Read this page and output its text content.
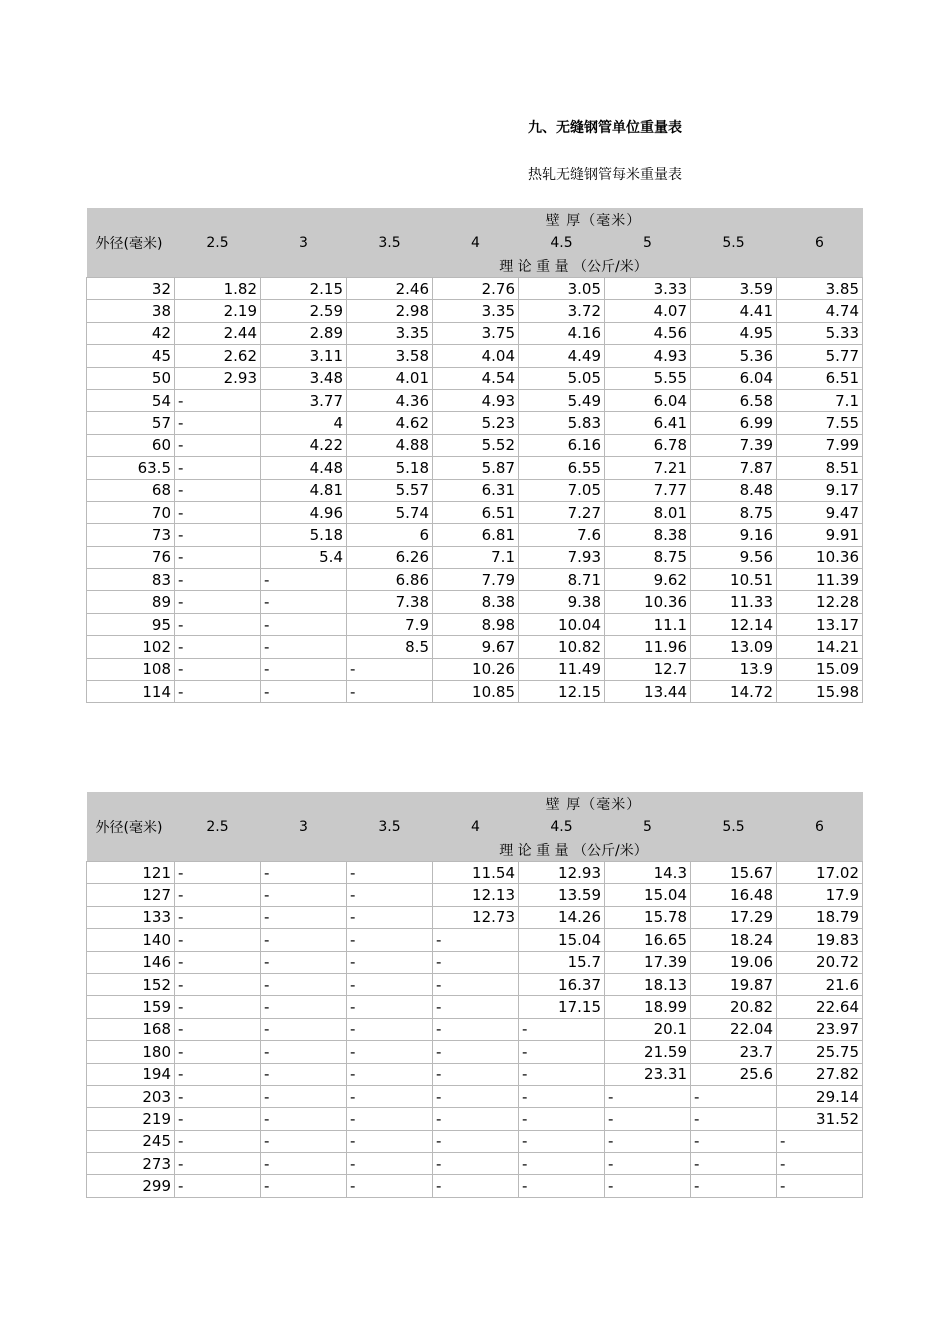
九、无缝钢管单位重量表
热轧无缝钢管每米重量表
外径(毫米)					壁 厚（毫米）			
	2.5	3	3.5	4	4.5	5	5.5	6
					理 论 重 量 （公斤/米）			
32	1.82	2.15	2.46	2.76	3.05	3.33	3.59	3.85
38	2.19	2.59	2.98	3.35	3.72	4.07	4.41	4.74
42	2.44	2.89	3.35	3.75	4.16	4.56	4.95	5.33
45	2.62	3.11	3.58	4.04	4.49	4.93	5.36	5.77
50	2.93	3.48	4.01	4.54	5.05	5.55	6.04	6.51
54	-	3.77	4.36	4.93	5.49	6.04	6.58	7.1
57	-	4	4.62	5.23	5.83	6.41	6.99	7.55
60	-	4.22	4.88	5.52	6.16	6.78	7.39	7.99
63.5	-	4.48	5.18	5.87	6.55	7.21	7.87	8.51
68	-	4.81	5.57	6.31	7.05	7.77	8.48	9.17
70	-	4.96	5.74	6.51	7.27	8.01	8.75	9.47
73	-	5.18	6	6.81	7.6	8.38	9.16	9.91
76	-	5.4	6.26	7.1	7.93	8.75	9.56	10.36
83	-	-	6.86	7.79	8.71	9.62	10.51	11.39
89	-	-	7.38	8.38	9.38	10.36	11.33	12.28
95	-	-	7.9	8.98	10.04	11.1	12.14	13.17
102	-	-	8.5	9.67	10.82	11.96	13.09	14.21
108	-	-	-	10.26	11.49	12.7	13.9	15.09
114	-	-	-	10.85	12.15	13.44	14.72	15.98
外径(毫米)					壁 厚（毫米）			
	2.5	3	3.5	4	4.5	5	5.5	6
					理 论 重 量 （公斤/米）			
121	-	-	-	11.54	12.93	14.3	15.67	17.02
127	-	-	-	12.13	13.59	15.04	16.48	17.9
133	-	-	-	12.73	14.26	15.78	17.29	18.79
140	-	-	-	-	15.04	16.65	18.24	19.83
146	-	-	-	-	15.7	17.39	19.06	20.72
152	-	-	-	-	16.37	18.13	19.87	21.6
159	-	-	-	-	17.15	18.99	20.82	22.64
168	-	-	-	-	-	20.1	22.04	23.97
180	-	-	-	-	-	21.59	23.7	25.75
194	-	-	-	-	-	23.31	25.6	27.82
203	-	-	-	-	-	-	-	29.14
219	-	-	-	-	-	-	-	31.52
245	-	-	-	-	-	-	-	-
273	-	-	-	-	-	-	-	-
299	-	-	-	-	-	-	-	-
